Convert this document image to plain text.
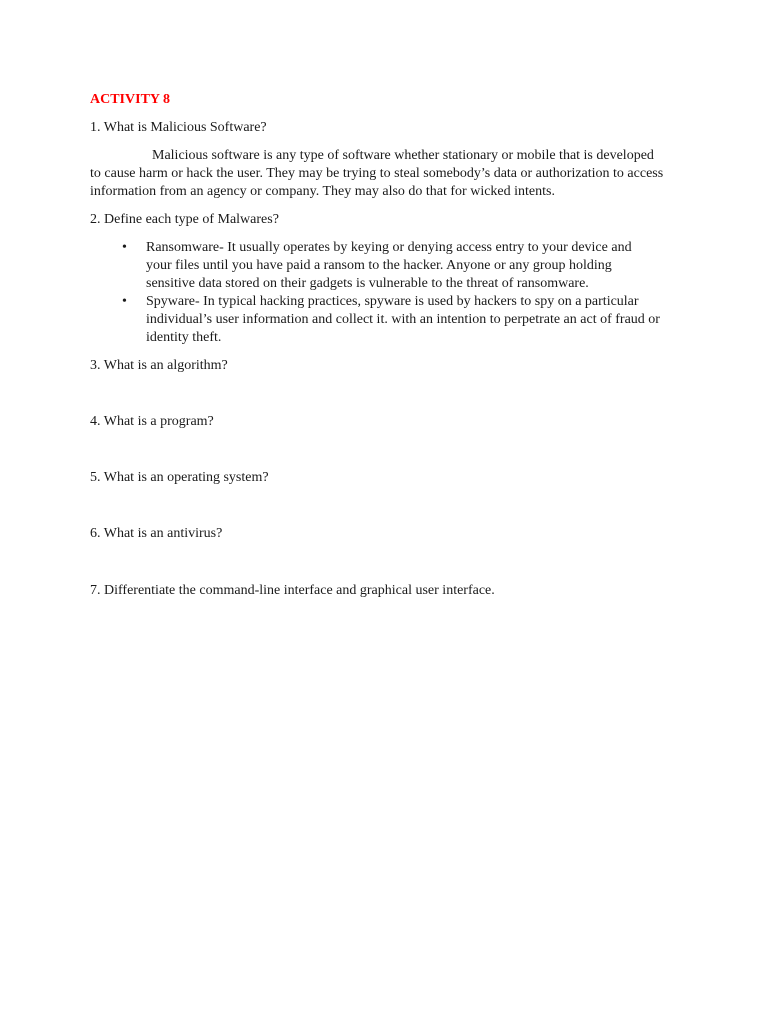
ACTIVITY 8

1. What is Malicious Software?

Malicious software is any type of software whether stationary or mobile that is developed to cause harm or hack the user. They may be trying to steal somebody’s data or authorization to access information from an agency or company. They may also do that for wicked intents.

2. Define each type of Malwares?

• Ransomware- It usually operates by keying or denying access entry to your device and your files until you have paid a ransom to the hacker. Anyone or any group holding sensitive data stored on their gadgets is vulnerable to the threat of ransomware.
• Spyware- In typical hacking practices, spyware is used by hackers to spy on a particular individual’s user information and collect it. with an intention to perpetrate an act of fraud or identity theft.

3. What is an algorithm?

4. What is a program?

5. What is an operating system?

6. What is an antivirus?

7. Differentiate the command-line interface and graphical user interface.
